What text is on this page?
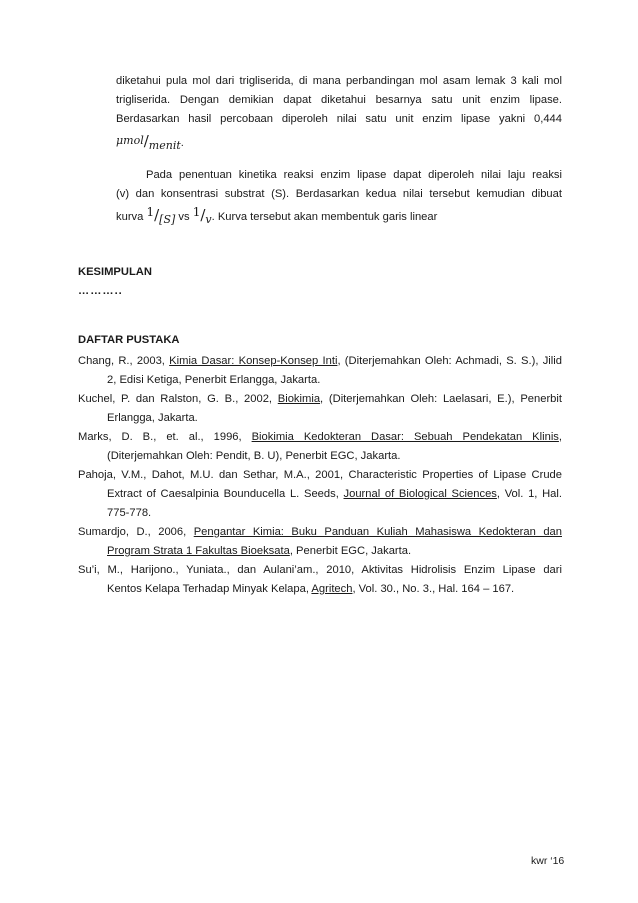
diketahui pula mol dari trigliserida, di mana perbandingan mol asam lemak 3 kali mol
trigliserida. Dengan demikian dapat diketahui besarnya satu unit enzim lipase.
Berdasarkan hasil percobaan diperoleh nilai satu unit enzim lipase yakni 0,444
μmol/menit.
Pada penentuan kinetika reaksi enzim lipase dapat diperoleh nilai laju reaksi
(v) dan konsentrasi substrat (S). Berdasarkan kedua nilai tersebut kemudian dibuat
kurva 1/[S] vs 1/v. Kurva tersebut akan membentuk garis linear
KESIMPULAN
………..
DAFTAR PUSTAKA
Chang, R., 2003, Kimia Dasar: Konsep-Konsep Inti, (Diterjemahkan Oleh: Achmadi, S. S.), Jilid
2, Edisi Ketiga, Penerbit Erlangga, Jakarta.
Kuchel, P. dan Ralston, G. B., 2002, Biokimia, (Diterjemahkan Oleh: Laelasari, E.), Penerbit
Erlangga, Jakarta.
Marks, D. B., et. al., 1996, Biokimia Kedokteran Dasar: Sebuah Pendekatan Klinis,
(Diterjemahkan Oleh: Pendit, B. U), Penerbit EGC, Jakarta.
Pahoja, V.M., Dahot, M.U. dan Sethar, M.A., 2001, Characteristic Properties of Lipase Crude
Extract of Caesalpinia Bounducella L. Seeds, Journal of Biological Sciences, Vol. 1, Hal.
775-778.
Sumardjo, D., 2006, Pengantar Kimia: Buku Panduan Kuliah Mahasiswa Kedokteran dan
Program Strata 1 Fakultas Bioeksata, Penerbit EGC, Jakarta.
Su’i, M., Harijono., Yuniata., dan Aulani’am., 2010, Aktivitas Hidrolisis Enzim Lipase dari
Kentos Kelapa Terhadap Minyak Kelapa, Agritech, Vol. 30., No. 3., Hal. 164 – 167.
kwr ‘16
